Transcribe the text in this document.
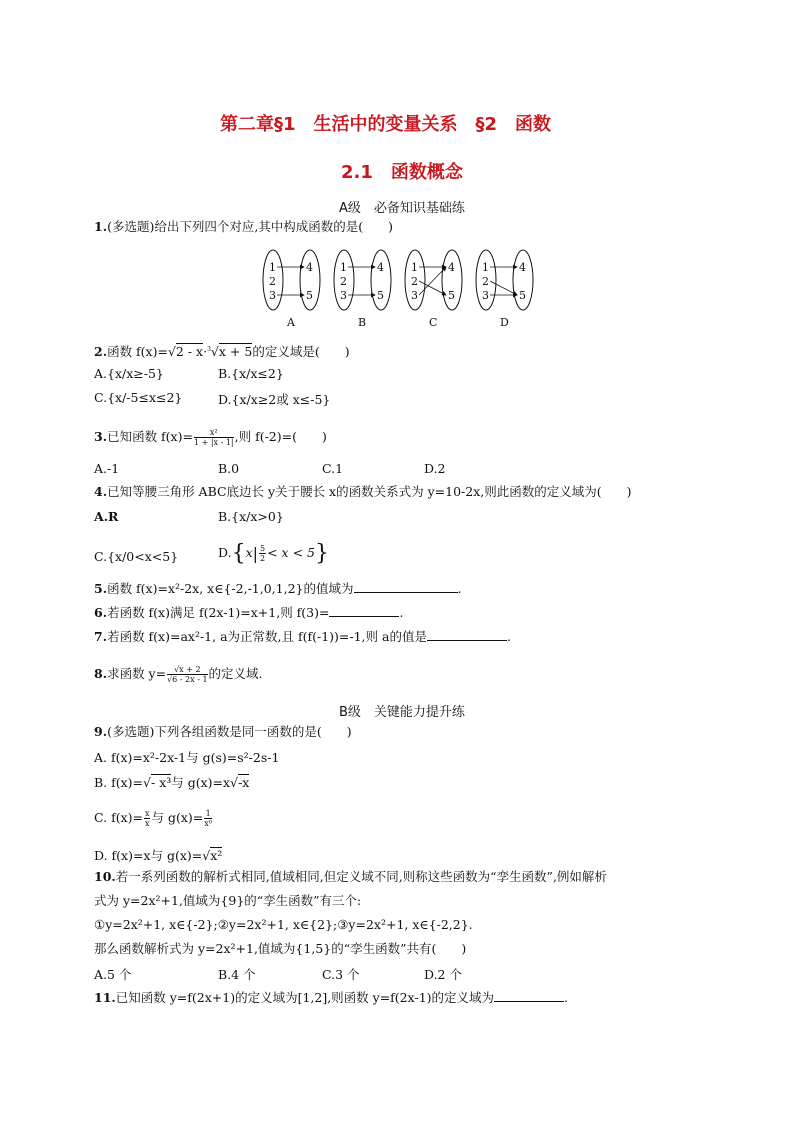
第二章§1　生活中的变量关系　§2　函数
2.1　函数概念
A级　必备知识基础练
1.(多选题)给出下列四个对应,其中构成函数的是(　　)
1
2
3
4
5
A
1
2
3
4
5
B
1
2
3
4
5
C
1
2
3
4
5
D
2.函数 f(x)=√2 - x·$^3$√x + 5的定义域是(　　)
A.{x/x≥-5}	B.{x/x≤2}
C.{x/-5≤x≤2}	D.{x/x≥2或 x≤-5}
3.已知函数 $f(x)= \frac{\text{x²}}{1 + |x - 1|}$ ,则 f(-2)=(　　)
A.-1	B.0	C.1	D.2
4.已知等腰三角形 ABC底边长 y关于腰长 x的函数关系式为 y=10-2x,则此函数的定义域为(　　)
A.R	B.{x/x>0}
C.{x/0<x<5}	$D.\{x| \frac{5}{2} < x < 5\}$
5.函数 f(x)=x²-2x, x∈{-2,-1,0,1,2}的值域为	.
6.若函数 f(x)满足 f(2x-1)=x+1,则 f(3)=	.
7.若函数 f(x)=ax²-1, a为正常数,且 f(f(-1))=-1,则 a的值是	.
8.求函数 $y= \frac{√x + 2}{√6 - 2x - 1}$ 的定义域.
B级　关键能力提升练
9.(多选题)下列各组函数是同一函数的是(　　)
A. f(x)=x²-2x-1与 g(s)=s²-2s-1
B. f(x)=√- x³与 g(x)=x√-x
C. $f(x)= \frac{x}{x}$ 与 $g(x)= \frac{1}{\text{x⁰}}$
D. f(x)=x与 g(x)=√x²
10.若一系列函数的解析式相同,值域相同,但定义域不同,则称这些函数为“孪生函数”,例如解析
式为 y=2x²+1,值域为{9}的“孪生函数”有三个:
①y=2x²+1, x∈{-2};②y=2x²+1, x∈{2};③y=2x²+1, x∈{-2,2}.
那么函数解析式为 y=2x²+1,值域为{1,5}的“孪生函数”共有(　　)
A.5 个	B.4 个	C.3 个	D.2 个
11.已知函数 y=f(2x+1)的定义域为[1,2],则函数 y=f(2x-1)的定义域为	.
